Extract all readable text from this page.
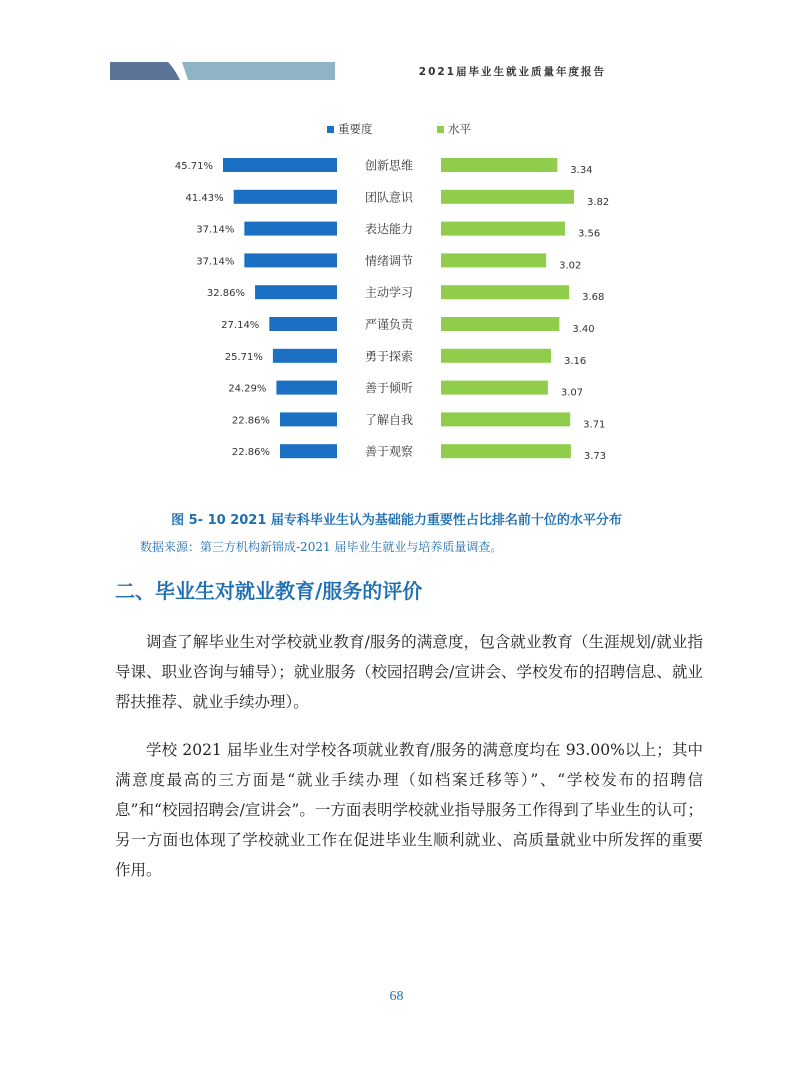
2021届毕业生就业质量年度报告
重要度	水平
45.71%	创新思维	3.34
41.43%	团队意识	3.82
37.14%	表达能力	3.56
37.14%	情绪调节	3.02
32.86%	主动学习	3.68
27.14%	严谨负责	3.40
25.71%	勇于探索	3.16
24.29%	善于倾听	3.07
22.86%	了解自我	3.71
22.86%	善于观察	3.73
图 5- 10 2021 届专科毕业生认为基础能力重要性占比排名前十位的水平分布
数据来源：第三方机构新锦成-2021 届毕业生就业与培养质量调查。
二、毕业生对就业教育/服务的评价

调查了解毕业生对学校就业教育/服务的满意度，包含就业教育（生涯规划/就业指导课、职业咨询与辅导）；就业服务（校园招聘会/宣讲会、学校发布的招聘信息、就业帮扶推荐、就业手续办理）。

学校 2021 届毕业生对学校各项就业教育/服务的满意度均在 93.00%以上；其中满意度最高的三方面是“就业手续办理（如档案迁移等）”、“学校发布的招聘信息”和“校园招聘会/宣讲会”。一方面表明学校就业指导服务工作得到了毕业生的认可；另一方面也体现了学校就业工作在促进毕业生顺利就业、高质量就业中所发挥的重要作用。

68
